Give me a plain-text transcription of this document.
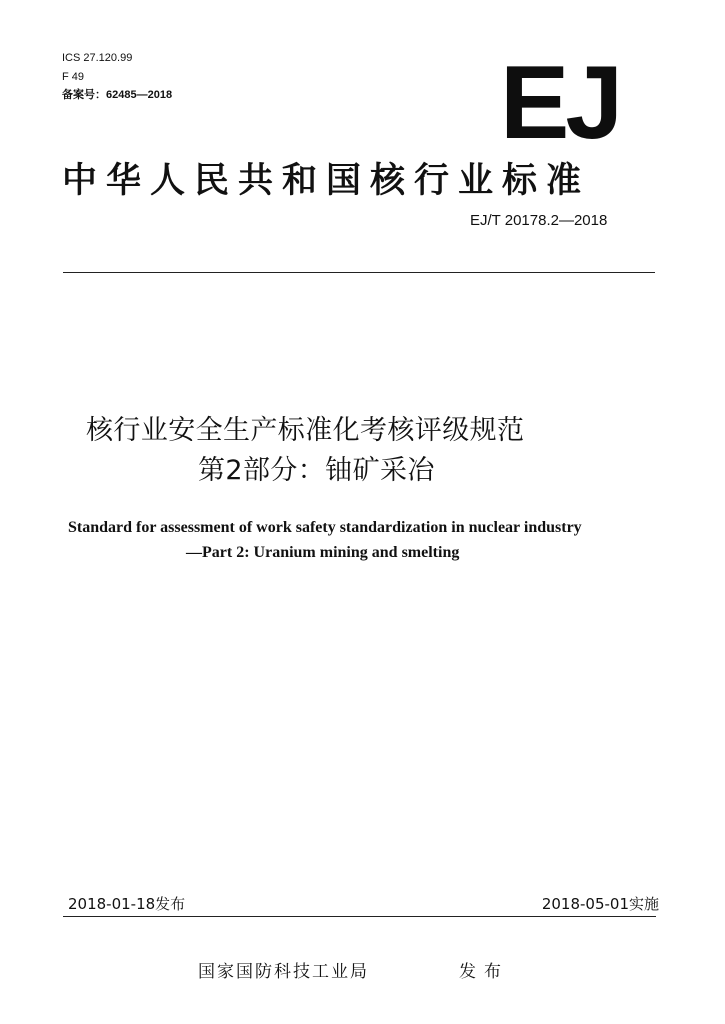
ICS 27.120.99
F 49
备案号：62485—2018	EJ
中华人民共和国核行业标准
EJ/T 20178.2—2018
核行业安全生产标准化考核评级规范
第2部分：铀矿采冶
Standard for assessment of work safety standardization in nuclear industry
—Part 2: Uranium mining and smelting
2018-01-18发布	2018-05-01实施
国家国防科技工业局	发布
